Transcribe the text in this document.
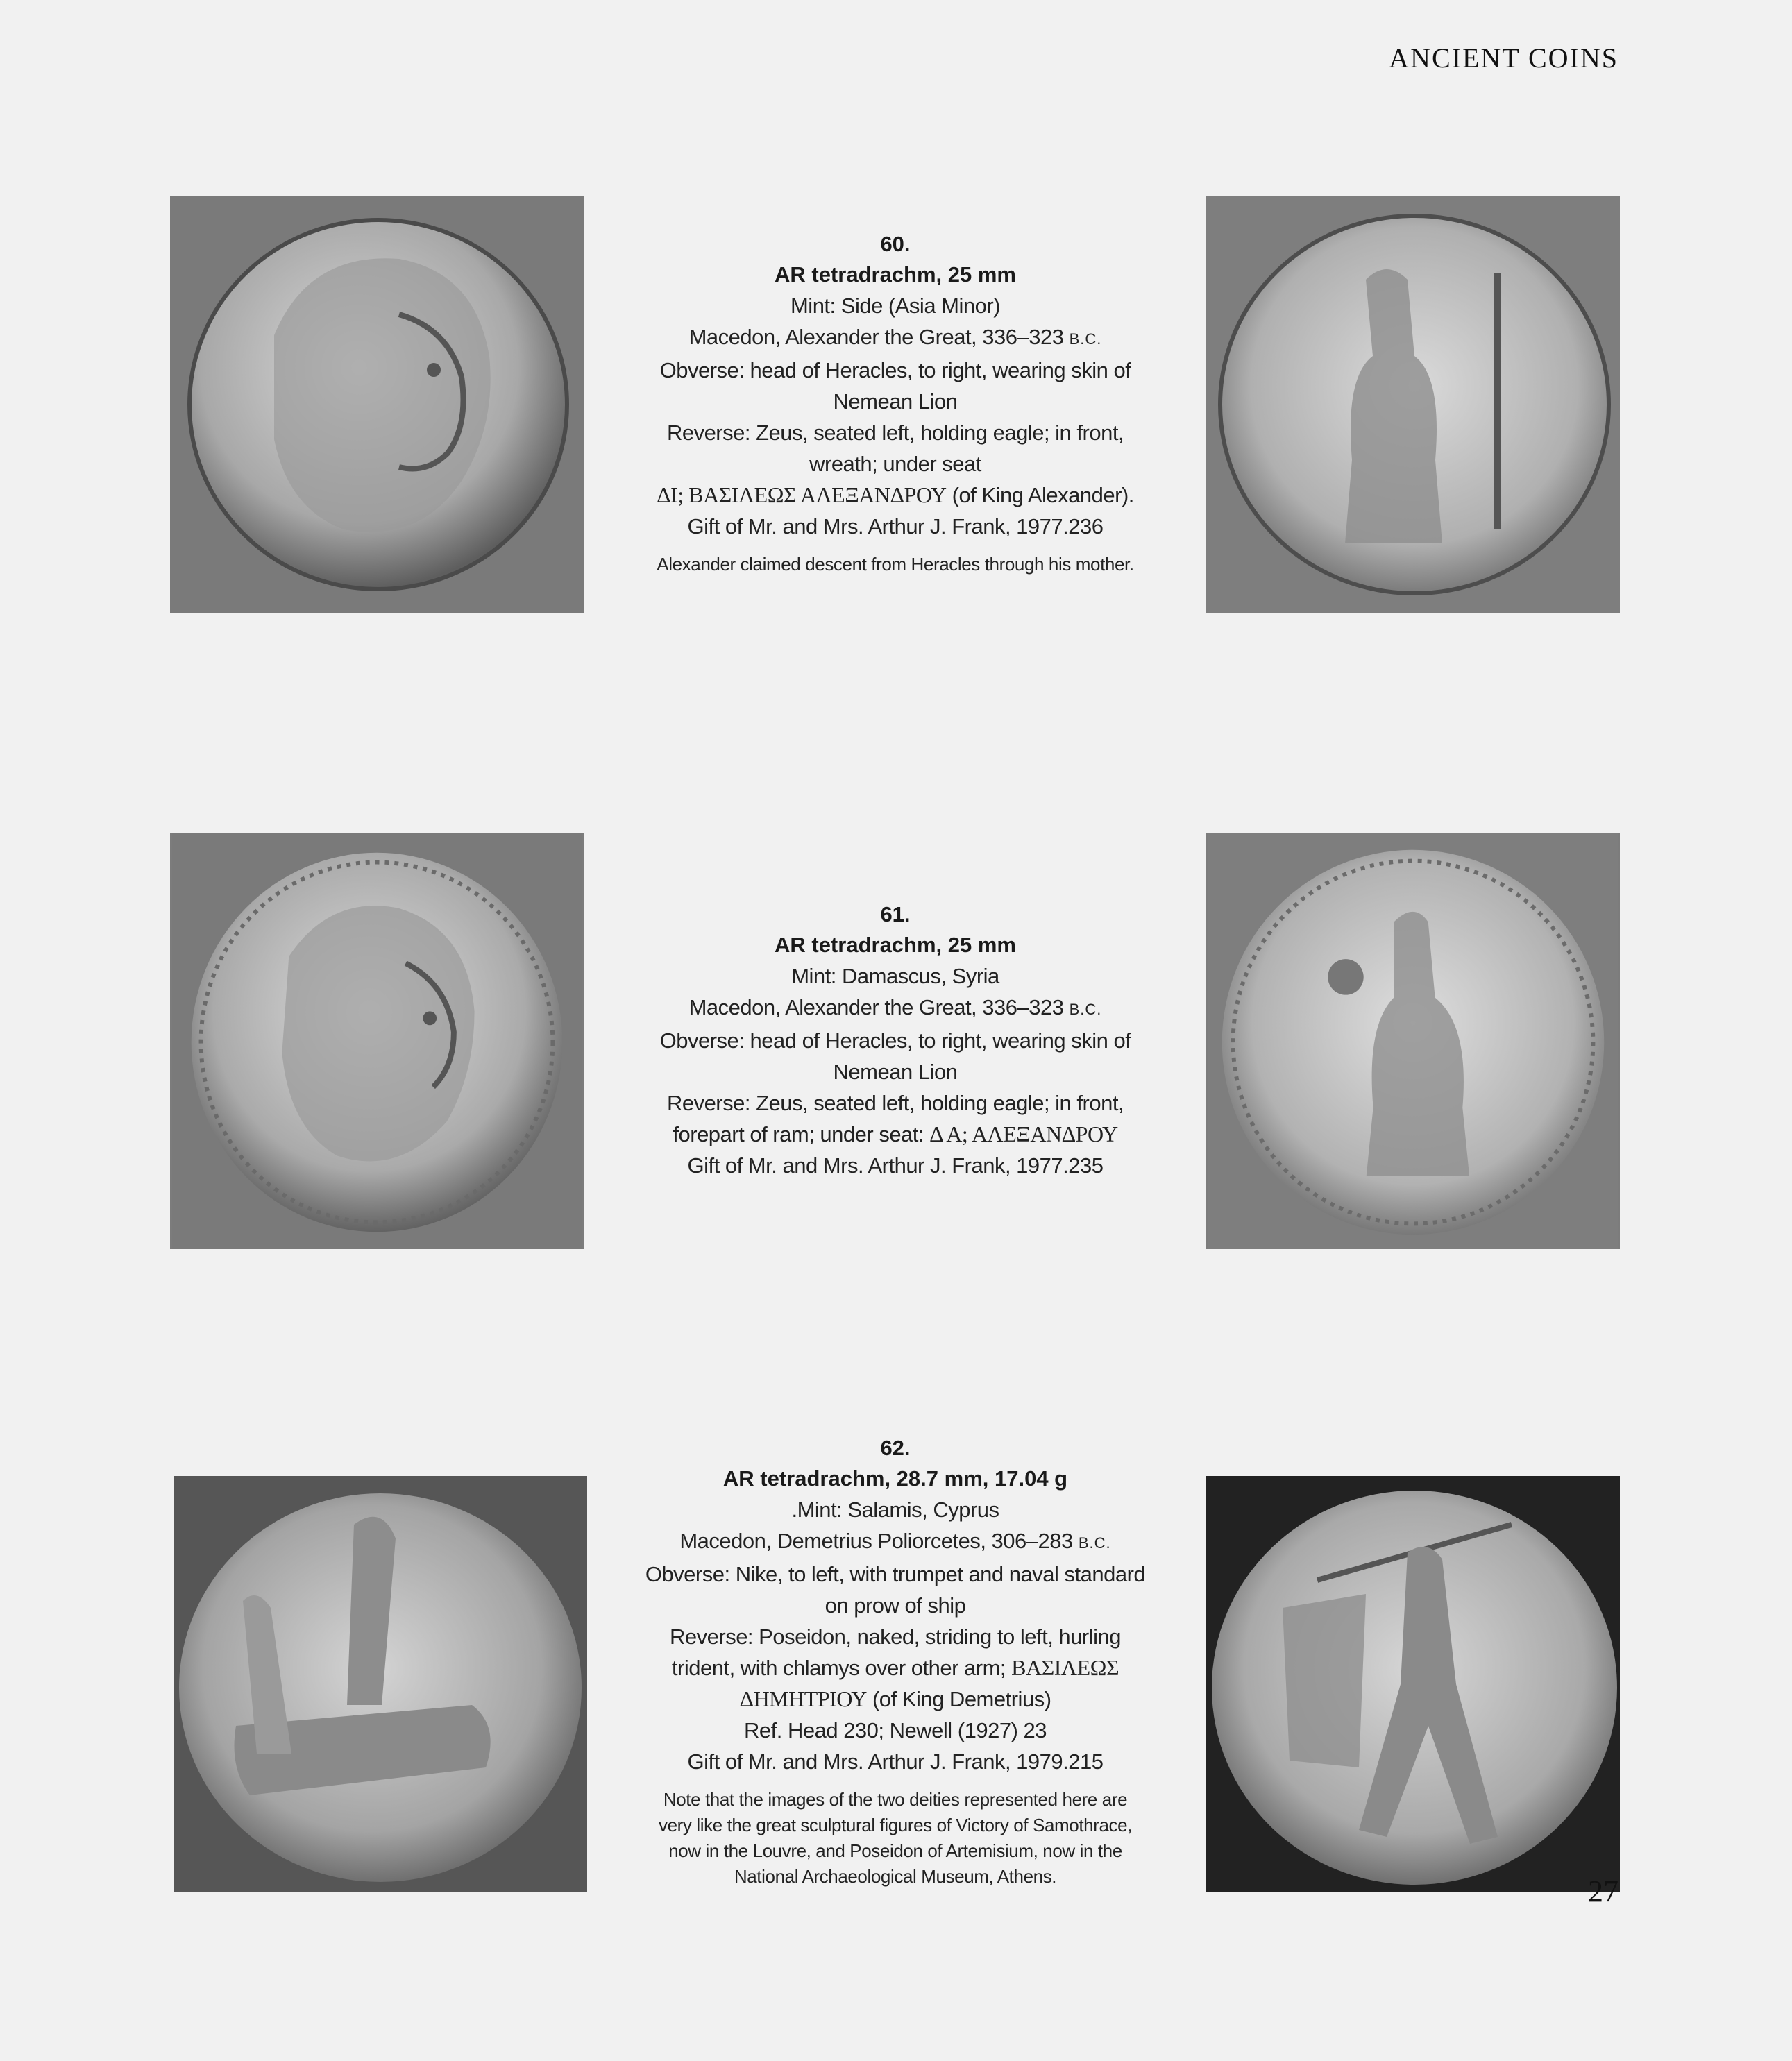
ANCIENT COINS
60.
AR tetradrachm, 25 mm
Mint: Side (Asia Minor)
Macedon, Alexander the Great, 336–323 B.C.
Obverse: head of Heracles, to right, wearing skin of
Nemean Lion
Reverse: Zeus, seated left, holding eagle; in front,
wreath; under seat
ΔΙ; ΒΑΣΙΛΕΩΣ ΑΛΕΞΑΝΔΡΟΥ (of King Alexander).
Gift of Mr. and Mrs. Arthur J. Frank, 1977.236
Alexander claimed descent from Heracles through his mother.
61.
AR tetradrachm, 25 mm
Mint: Damascus, Syria
Macedon, Alexander the Great, 336–323 B.C.
Obverse: head of Heracles, to right, wearing skin of
Nemean Lion
Reverse: Zeus, seated left, holding eagle; in front,
forepart of ram; under seat: Δ Α; ΑΛΕΞΑΝΔΡΟΥ
Gift of Mr. and Mrs. Arthur J. Frank, 1977.235
62.
AR tetradrachm, 28.7 mm, 17.04 g
.Mint: Salamis, Cyprus
Macedon, Demetrius Poliorcetes, 306–283 B.C.
Obverse: Nike, to left, with trumpet and naval standard
on prow of ship
Reverse: Poseidon, naked, striding to left, hurling
trident, with chlamys over other arm; ΒΑΣΙΛΕΩΣ
ΔΗΜΗΤΡΙΟΥ (of King Demetrius)
Ref. Head 230; Newell (1927) 23
Gift of Mr. and Mrs. Arthur J. Frank, 1979.215
Note that the images of the two deities represented here are
very like the great sculptural figures of Victory of Samothrace,
now in the Louvre, and Poseidon of Artemisium, now in the
National Archaeological Museum, Athens.	27
